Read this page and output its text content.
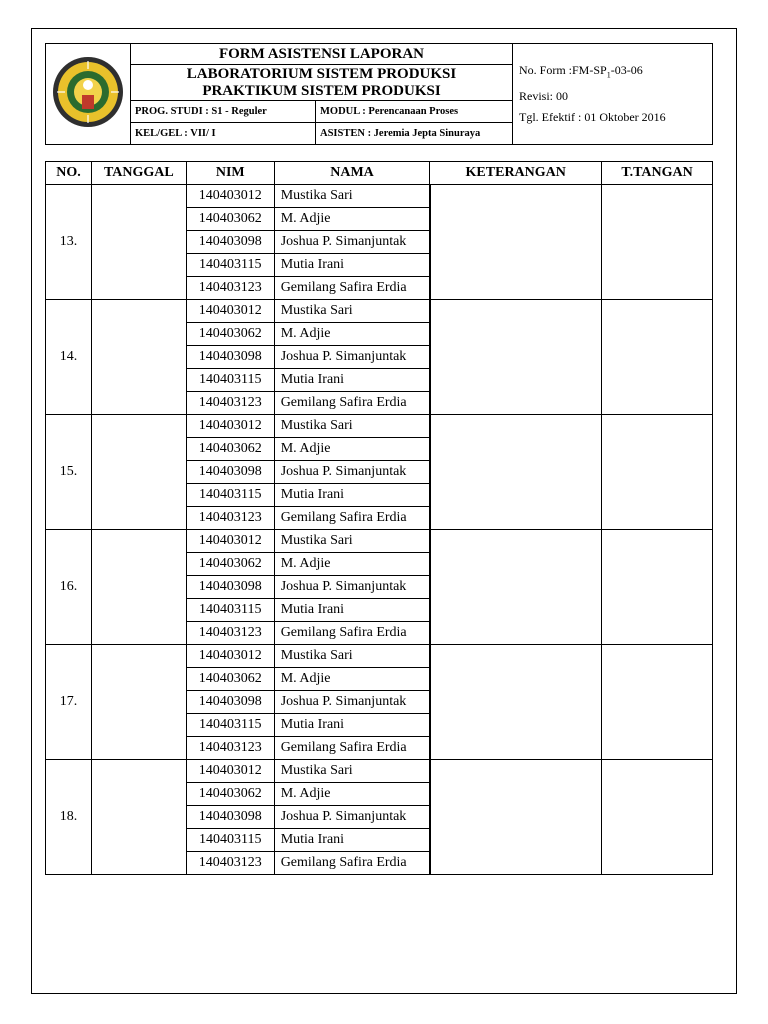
	FORM ASISTENSI LAPORAN		No. Form $:FM-SP_1-03-06$
Revisi: 00
Tgl. Efektif : 01 Oktober 2016

	LABORATORIUM SISTEM PRODUKSI
PRAKTIKUM SISTEM PRODUKSI		

	PROG. STUDI : S1 - Reguler	MODUL : Perencanaan Proses	
	KEL/GEL : VII/ I	ASISTEN : Jeremia Jepta Sinuraya	
NO.	TANGGAL	NIM	NAMA	KETERANGAN	T.TANGAN
13.		140403012	Mustika Sari		
		140403062	M. Adjie		
		140403098	Joshua P. Simanjuntak		
		140403115	Mutia Irani		
		140403123	Gemilang Safira Erdia		
14.		140403012	Mustika Sari		
		140403062	M. Adjie		
		140403098	Joshua P. Simanjuntak		
		140403115	Mutia Irani		
		140403123	Gemilang Safira Erdia		
15.		140403012	Mustika Sari		
		140403062	M. Adjie		
		140403098	Joshua P. Simanjuntak		
		140403115	Mutia Irani		
		140403123	Gemilang Safira Erdia		
16.		140403012	Mustika Sari		
		140403062	M. Adjie		
		140403098	Joshua P. Simanjuntak		
		140403115	Mutia Irani		
		140403123	Gemilang Safira Erdia		
17.		140403012	Mustika Sari		
		140403062	M. Adjie		
		140403098	Joshua P. Simanjuntak		
		140403115	Mutia Irani		
		140403123	Gemilang Safira Erdia		
18.		140403012	Mustika Sari		
		140403062	M. Adjie		
		140403098	Joshua P. Simanjuntak		
		140403115	Mutia Irani		
		140403123	Gemilang Safira Erdia		
